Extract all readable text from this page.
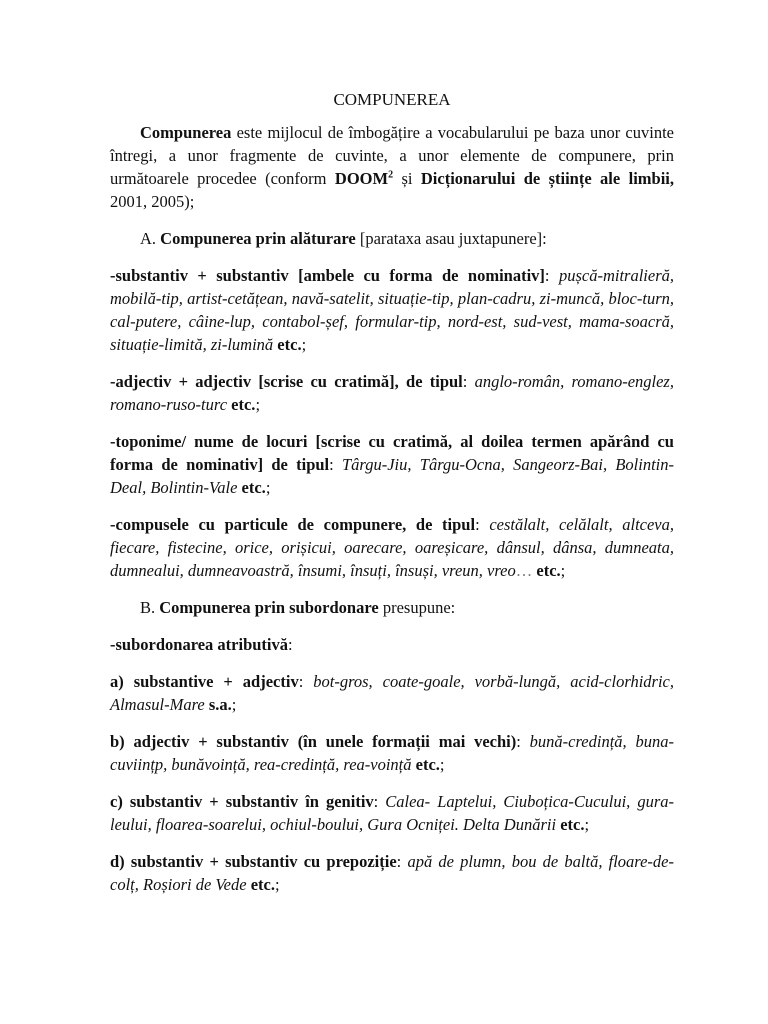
COMPUNEREA

Compunerea este mijlocul de îmbogățire a vocabularului pe baza unor cuvinte întregi, a unor fragmente de cuvinte, a unor elemente de compunere, prin următoarele procedee (conform DOOM$^2$ și Dicționarului de științe ale limbii, 2001, 2005);

A. Compunerea prin alăturare [parataxa asau juxtapunere]:

-substantiv + substantiv [ambele cu forma de nominativ]: pușcă-mitralieră, mobilă-tip, artist-cetățean, navă-satelit, situație-tip, plan-cadru, zi-muncă, bloc-turn, cal-putere, câine-lup, contabol-șef, formular-tip, nord-est, sud-vest, mama-soacră, situație-limită, zi-lumină etc.;

-adjectiv + adjectiv [scrise cu cratimă], de tipul: anglo-român, romano-englez, romano-ruso-turc etc.;

-toponime/ nume de locuri [scrise cu cratimă, al doilea termen apărând cu forma de nominativ] de tipul: Târgu-Jiu, Târgu-Ocna, Sangeorz-Bai, Bolintin-Deal, Bolintin-Vale etc.;

-compusele cu particule de compunere, de tipul: cestălalt, celălalt, altceva, fiecare, fistecine, orice, orișicui, oarecare, oareșicare, dânsul, dânsa, dumneata, dumnealui, dumneavoastră, însumi, însuți, însuși, vreun, vreo… etc.;

B. Compunerea prin subordonare presupune:

-subordonarea atributivă:

a) substantive + adjectiv: bot-gros, coate-goale, vorbă-lungă, acid-clorhidric, Almasul-Mare s.a.;

b) adjectiv + substantiv (în unele formații mai vechi): bună-credință, buna-cuviințp, bunăvoință, rea-credință, rea-voință etc.;

c) substantiv + substantiv în genitiv: Calea- Laptelui, Ciuboțica-Cucului, gura-leului, floarea-soarelui, ochiul-boului, Gura Ocniței. Delta Dunării etc.;

d) substantiv + substantiv cu prepoziție: apă de plumn, bou de baltă, floare-de-colț, Roșiori de Vede etc.;
